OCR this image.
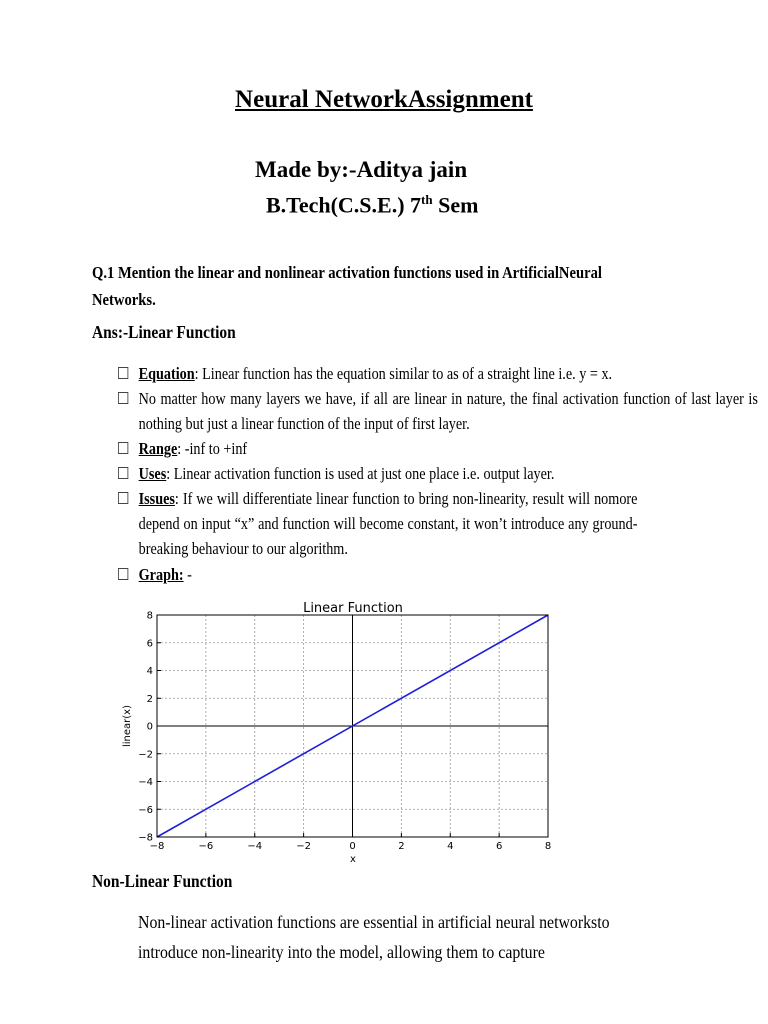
Neural NetworkAssignment

Made by:-Aditya jain

B.Tech(C.S.E.) 7th Sem

Q.1 Mention the linear and nonlinear activation functions used in ArtificialNeural Networks.

Ans:-Linear Function

Equation: Linear function has the equation similar to as of a straight line i.e. y = x.
No matter how many layers we have, if all are linear in nature, the final activation function of last layer is nothing but just a linear function of the input of first layer.
Range: -inf to +inf
Uses: Linear activation function is used at just one place i.e. output layer.
Issues: If we will differentiate linear function to bring non-linearity, result will nomore depend on input “x” and function will become constant, it won’t introduce any ground-breaking behaviour to our algorithm.
Graph: -
Linear Function
x
linear(x)
−8	−6	−4	−2	0	2	4	6	8
8
6
4
2
0
−2
−4
−6
−8

Non-Linear Function

Non-linear activation functions are essential in artificial neural networksto introduce non-linearity into the model, allowing them to capture
